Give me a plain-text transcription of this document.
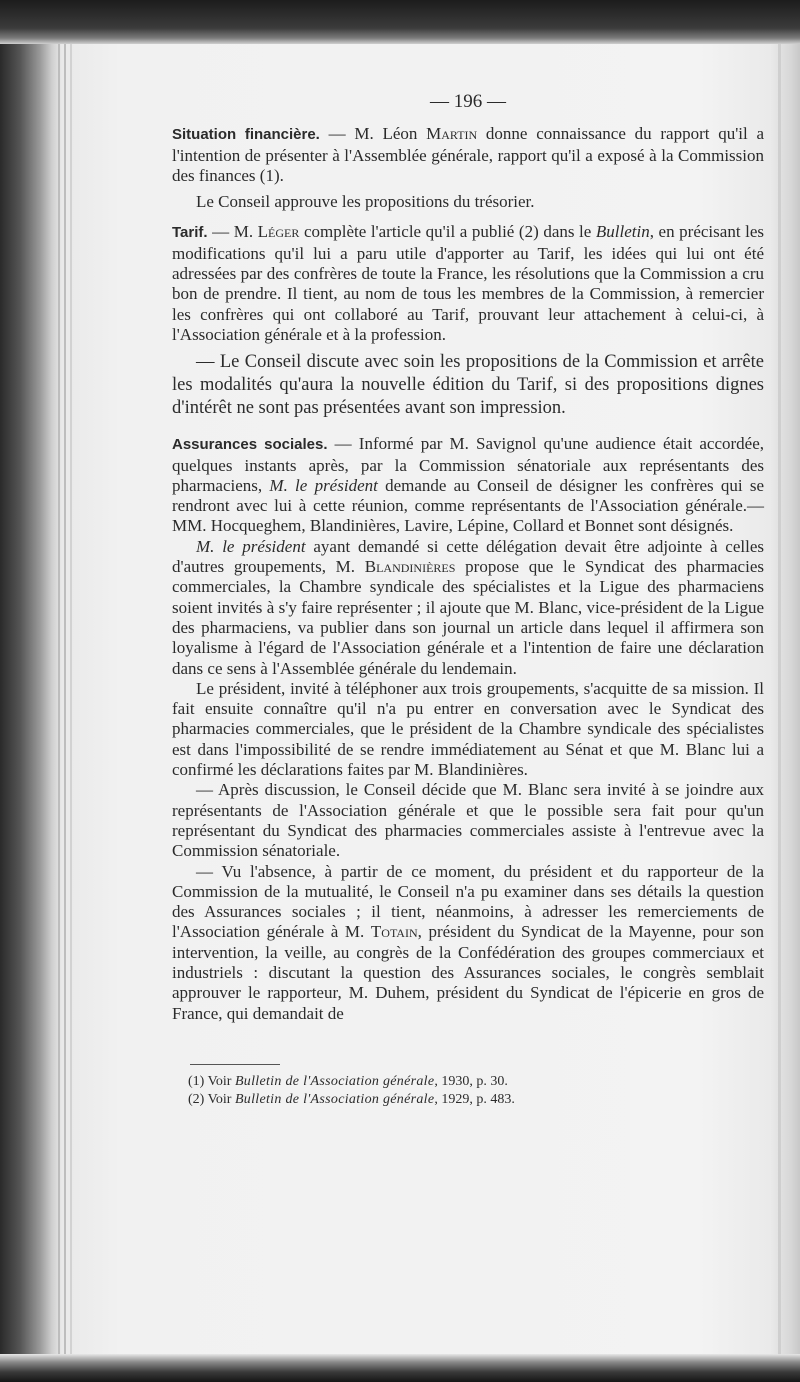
— 196 —

Situation financière. — M. Léon Martin donne connaissance du rapport qu'il a l'intention de présenter à l'Assemblée générale, rapport qu'il a exposé à la Commission des finances (1).

Le Conseil approuve les propositions du trésorier.

Tarif. — M. Léger complète l'article qu'il a publié (2) dans le Bulletin, en précisant les modifications qu'il lui a paru utile d'apporter au Tarif, les idées qui lui ont été adressées par des confrères de toute la France, les résolutions que la Commission a cru bon de prendre. Il tient, au nom de tous les membres de la Commission, à remercier les confrères qui ont collaboré au Tarif, prouvant leur attachement à celui-ci, à l'Association générale et à la profession.

— Le Conseil discute avec soin les propositions de la Commission et arrête les modalités qu'aura la nouvelle édition du Tarif, si des propositions dignes d'intérêt ne sont pas présentées avant son impression.

Assurances sociales. — Informé par M. Savignol qu'une audience était accordée, quelques instants après, par la Commission sénatoriale aux représentants des pharmaciens, M. le président demande au Conseil de désigner les confrères qui se rendront avec lui à cette réunion, comme représentants de l'Association générale.— MM. Hocqueghem, Blandinières, Lavire, Lépine, Collard et Bonnet sont désignés.

M. le président ayant demandé si cette délégation devait être adjointe à celles d'autres groupements, M. Blandinières propose que le Syndicat des pharmacies commerciales, la Chambre syndicale des spécialistes et la Ligue des pharmaciens soient invités à s'y faire représenter ; il ajoute que M. Blanc, vice-président de la Ligue des pharmaciens, va publier dans son journal un article dans lequel il affirmera son loyalisme à l'égard de l'Association générale et a l'intention de faire une déclaration dans ce sens à l'Assemblée générale du lendemain.

Le président, invité à téléphoner aux trois groupements, s'acquitte de sa mission. Il fait ensuite connaître qu'il n'a pu entrer en conversation avec le Syndicat des pharmacies commerciales, que le président de la Chambre syndicale des spécialistes est dans l'impossibilité de se rendre immédiatement au Sénat et que M. Blanc lui a confirmé les déclarations faites par M. Blandinières.

— Après discussion, le Conseil décide que M. Blanc sera invité à se joindre aux représentants de l'Association générale et que le possible sera fait pour qu'un représentant du Syndicat des pharmacies commerciales assiste à l'entrevue avec la Commission sénatoriale.

— Vu l'absence, à partir de ce moment, du président et du rapporteur de la Commission de la mutualité, le Conseil n'a pu examiner dans ses détails la question des Assurances sociales ; il tient, néanmoins, à adresser les remerciements de l'Association générale à M. Totain, président du Syndicat de la Mayenne, pour son intervention, la veille, au congrès de la Confédération des groupes commerciaux et industriels : discutant la question des Assurances sociales, le congrès semblait approuver le rapporteur, M. Duhem, président du Syndicat de l'épicerie en gros de France, qui demandait de

(1) Voir Bulletin de l'Association générale, 1930, p. 30.
(2) Voir Bulletin de l'Association générale, 1929, p. 483.
